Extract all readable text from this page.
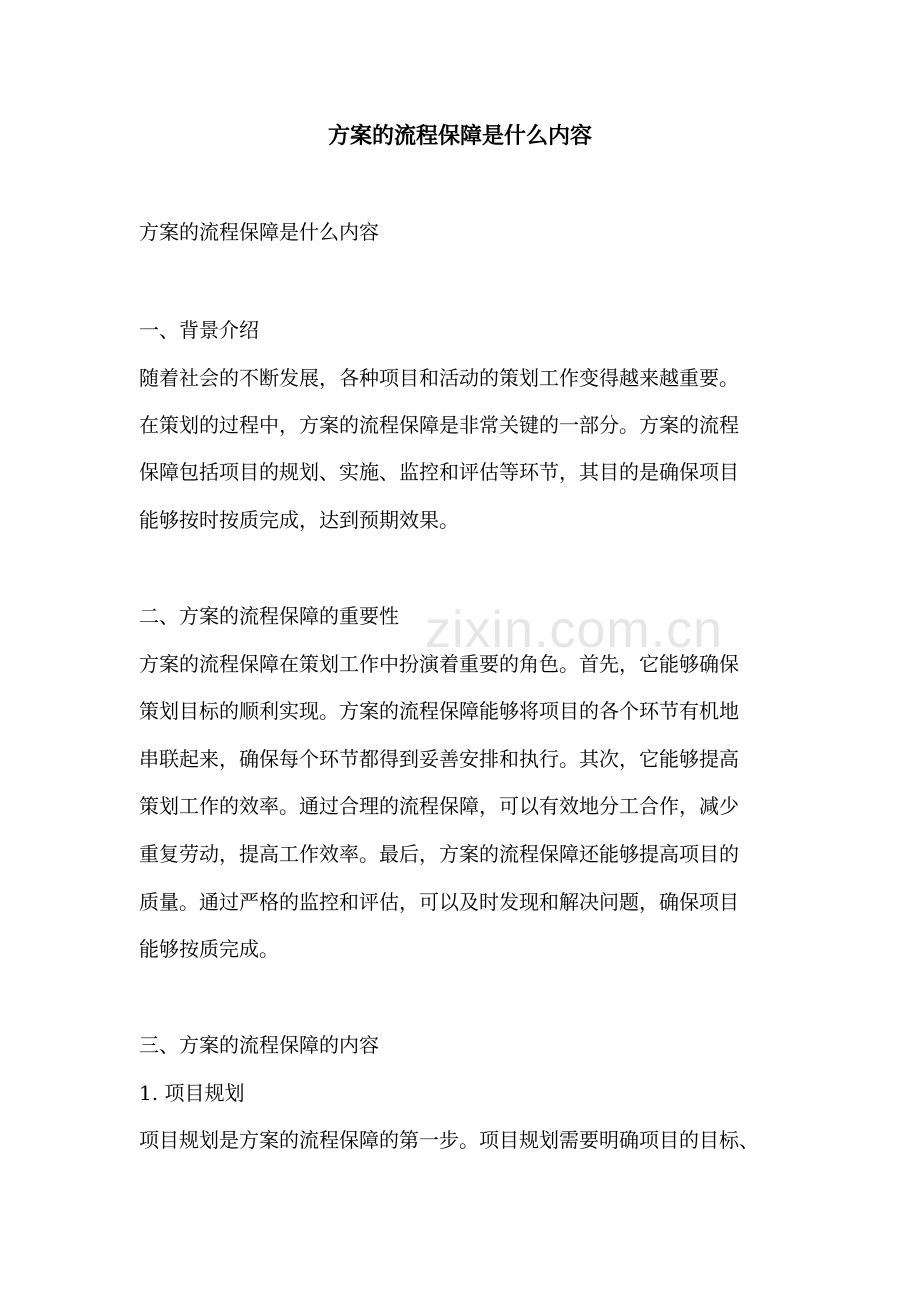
zixin.com.cn
方案的流程保障是什么内容
方案的流程保障是什么内容
一、背景介绍
随着社会的不断发展，各种项目和活动的策划工作变得越来越重要。
在策划的过程中，方案的流程保障是非常关键的一部分。方案的流程
保障包括项目的规划、实施、监控和评估等环节，其目的是确保项目
能够按时按质完成，达到预期效果。
二、方案的流程保障的重要性
方案的流程保障在策划工作中扮演着重要的角色。首先，它能够确保
策划目标的顺利实现。方案的流程保障能够将项目的各个环节有机地
串联起来，确保每个环节都得到妥善安排和执行。其次，它能够提高
策划工作的效率。通过合理的流程保障，可以有效地分工合作，减少
重复劳动，提高工作效率。最后，方案的流程保障还能够提高项目的
质量。通过严格的监控和评估，可以及时发现和解决问题，确保项目
能够按质完成。
三、方案的流程保障的内容
1. 项目规划
项目规划是方案的流程保障的第一步。项目规划需要明确项目的目标、
